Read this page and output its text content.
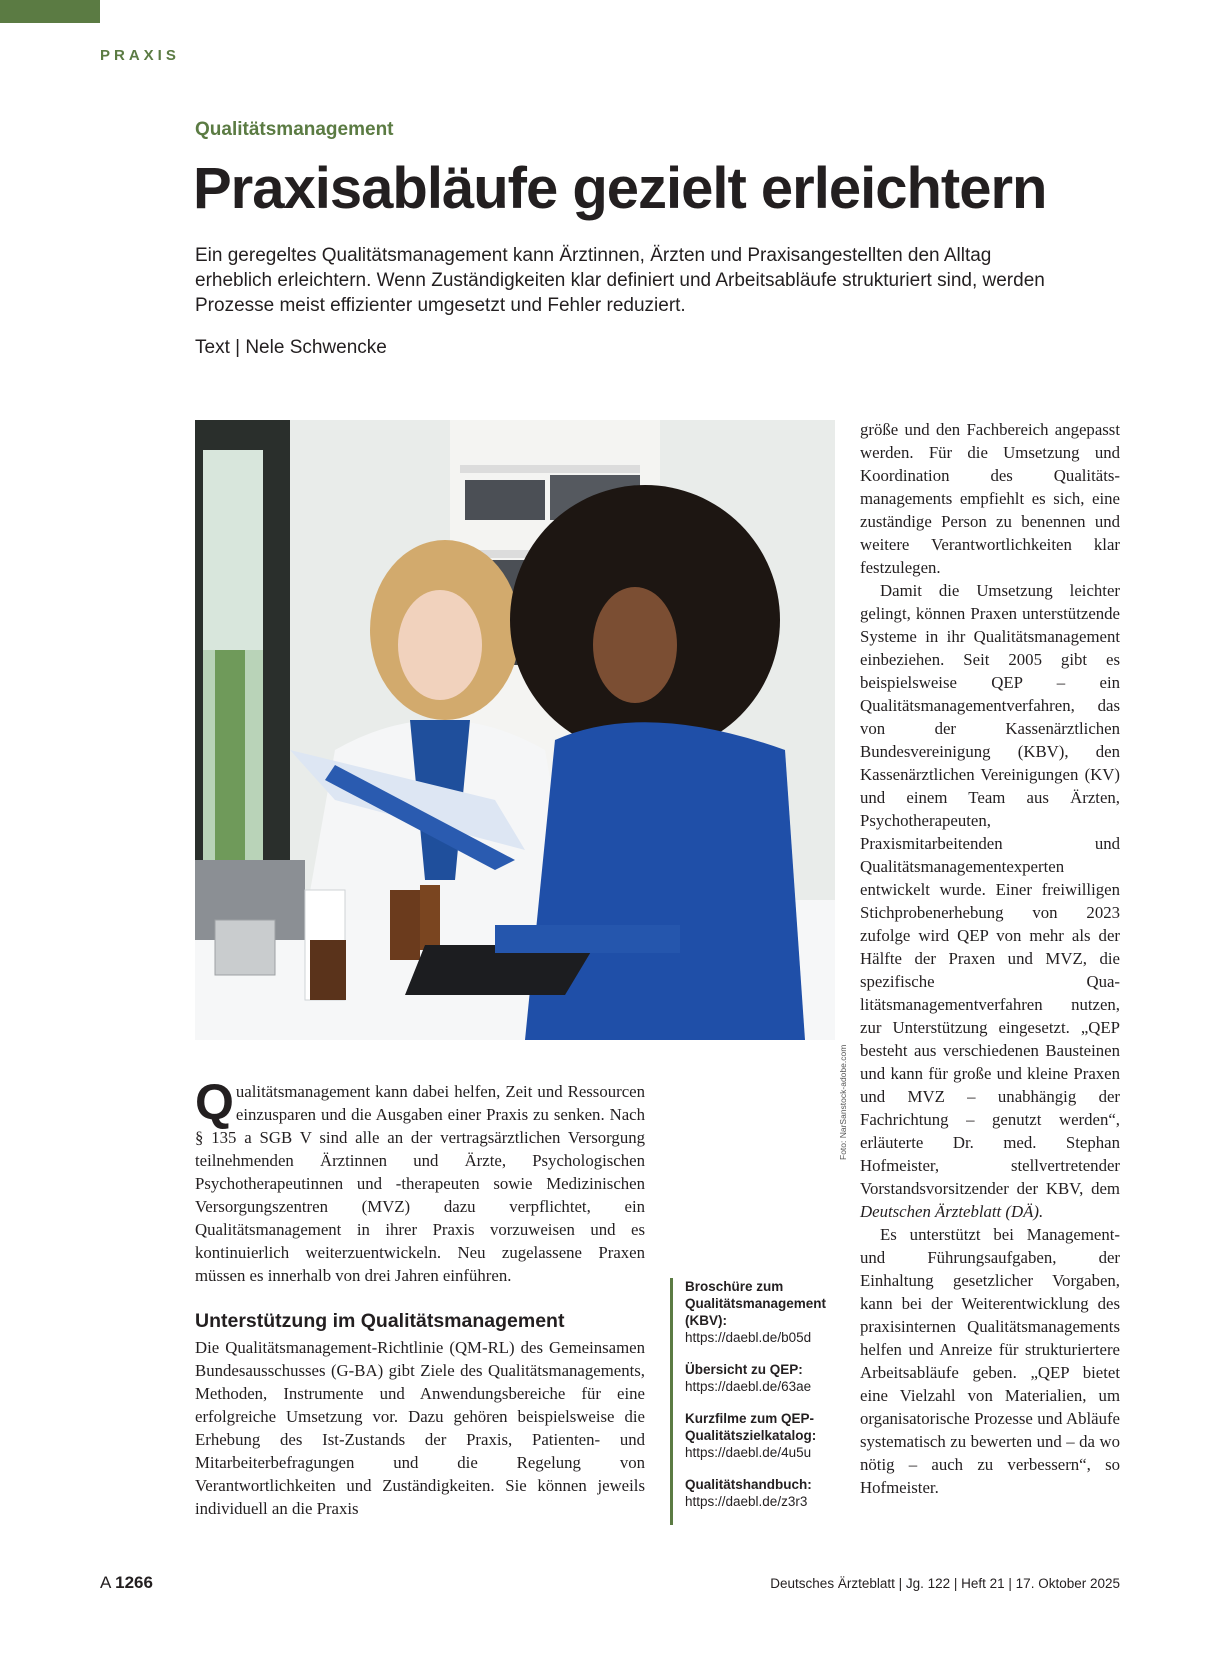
PRAXIS
Qualitätsmanagement
Praxisabläufe gezielt erleichtern
Ein geregeltes Qualitätsmanagement kann Ärztinnen, Ärzten und Praxisangestellten den Alltag erheblich erleichtern. Wenn Zuständigkeiten klar definiert und Arbeitsabläufe strukturiert sind, werden Prozesse meist effizienter umgesetzt und Fehler reduziert.
Text | Nele Schwencke
Foto: NarSanstock-adobe.com

Qualitätsmanagement kann dabei helfen, Zeit und Ressourcen einzusparen und die Ausgaben einer Praxis zu senken. Nach § 135 a SGB V sind alle an der vertragsärztlichen Versorgung teilnehmenden Ärztinnen und Ärzte, Psychologischen Psychotherapeutinnen und -therapeuten sowie Medizinischen Versorgungszentren (MVZ) dazu verpflichtet, ein Qualitätsmanagement in ihrer Praxis vorzuweisen und es kontinuierlich weiterzuentwickeln. Neu zugelassene Praxen müssen es innerhalb von drei Jahren einführen.

Unterstützung im Qualitätsmanagement

Die Qualitätsmanagement-Richtlinie (QM-RL) des Gemeinsamen Bundesausschusses (G-BA) gibt Ziele des Qualitätsmanagements, Methoden, Instrumente und Anwendungsbereiche für eine erfolgreiche Umsetzung vor. Dazu gehören beispielsweise die Erhebung des Ist-Zustands der Praxis, Patienten- und Mitarbeiterbefragungen und die Regelung von Verantwortlichkeiten und Zuständigkeiten. Sie können jeweils individuell an die Praxis

Broschüre zum Qualitätsmanagement (KBV):
https://daebl.de/b05d
Übersicht zu QEP:
https://daebl.de/63ae
Kurzfilme zum QEP-Qualitätszielkatalog:
https://daebl.de/4u5u
Qualitätshandbuch:
https://daebl.de/z3r3

größe und den Fachbereich angepasst werden. Für die Umsetzung und Koordination des Qualitätsmanagements empfiehlt es sich, eine zuständige Person zu benennen und weitere Verantwortlichkeiten klar festzulegen.

Damit die Umsetzung leichter gelingt, können Praxen unterstützende Systeme in ihr Qualitätsmanagement einbeziehen. Seit 2005 gibt es beispielsweise QEP – ein Qualitätsmanagementverfahren, das von der Kassenärztlichen Bundesvereinigung (KBV), den Kassenärztlichen Vereinigungen (KV) und einem Team aus Ärzten, Psychotherapeuten, Praxismitarbeitenden und Qualitätsmanagementexperten entwickelt wurde. Einer freiwilligen Stichprobenerhebung von 2023 zufolge wird QEP von mehr als der Hälfte der Praxen und MVZ, die spezifische Qualitätsmanagementverfahren nutzen, zur Unterstützung eingesetzt. „QEP besteht aus verschiedenen Bausteinen und kann für große und kleine Praxen und MVZ – unabhängig der Fachrichtung – genutzt werden“, erläuterte Dr. med. Stephan Hofmeister, stellvertretender Vorstandsvorsitzender der KBV, dem Deutschen Ärzteblatt (DÄ).

Es unterstützt bei Management- und Führungsaufgaben, der Einhaltung gesetzlicher Vorgaben, kann bei der Weiterentwicklung des praxisinternen Qualitätsmanagements helfen und Anreize für strukturiertere Arbeitsabläufe geben. „QEP bietet eine Vielzahl von Materialien, um organisatorische Prozesse und Abläufe systematisch zu bewerten und – da wo nötig – auch zu verbessern“, so Hofmeister.

A 1266	Deutsches Ärzteblatt | Jg. 122 | Heft 21 | 17. Oktober 2025
